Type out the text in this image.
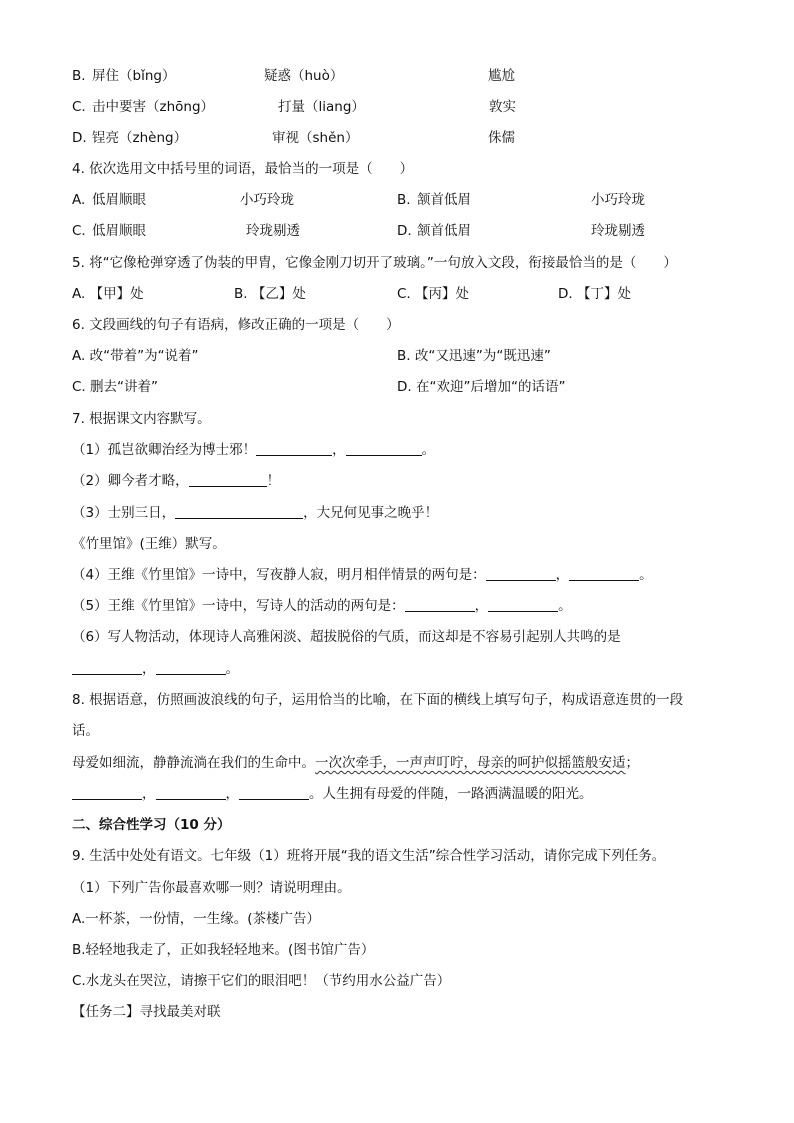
B. 屏住（bǐng）	疑惑（huò）	尴尬
C. 击中要害（zhōng）	打量（liang）	敦实
D. 锃亮（zhèng）	审视（shěn）	侏儒
4. 依次选用文中括号里的词语，最恰当的一项是（　　）
A. 低眉顺眼	小巧玲珑	B. 颔首低眉	小巧玲珑
C. 低眉顺眼	玲珑剔透	D. 颔首低眉	玲珑剔透
5. 将“它像枪弹穿透了伪装的甲胄，它像金刚刀切开了玻璃。”一句放入文段，衔接最恰当的是（　　）
A. 【甲】处	B. 【乙】处	C. 【丙】处	D. 【丁】处
6. 文段画线的句子有语病，修改正确的一项是（　　）
A. 改“带着”为“说着”	B. 改“又迅速”为“既迅速”
C. 删去“讲着”	D. 在“欢迎”后增加“的话语”
7. 根据课文内容默写。
（1）孤岂欲卿治经为博士邪！	，	。
（2）卿今者才略，	！
（3）士别三日，	，大兄何见事之晚乎！
《竹里馆》(王维）默写。
（4）王维《竹里馆》一诗中，写夜静人寂，明月相伴情景的两句是：	，	。
（5）王维《竹里馆》一诗中，写诗人的活动的两句是：	，	。
（6）写人物活动，体现诗人高雅闲淡、超拔脱俗的气质，而这却是不容易引起别人共鸣的是
，	。
8. 根据语意，仿照画波浪线的句子，运用恰当的比喻，在下面的横线上填写句子，构成语意连贯的一段
话。
母爱如细流，静静流淌在我们的生命中。一次次牵手，一声声叮咛，母亲的呵护似摇篮般安适；
，	，	。人生拥有母爱的伴随，一路洒满温暖的阳光。
二、综合性学习（10 分）
9. 生活中处处有语文。七年级（1）班将开展“我的语文生活”综合性学习活动，请你完成下列任务。
（1）下列广告你最喜欢哪一则？请说明理由。
A.一杯茶，一份情，一生缘。(茶楼广告）
B.轻轻地我走了，正如我轻轻地来。(图书馆广告）
C.水龙头在哭泣，请擦干它们的眼泪吧！（节约用水公益广告）
【任务二】寻找最美对联
